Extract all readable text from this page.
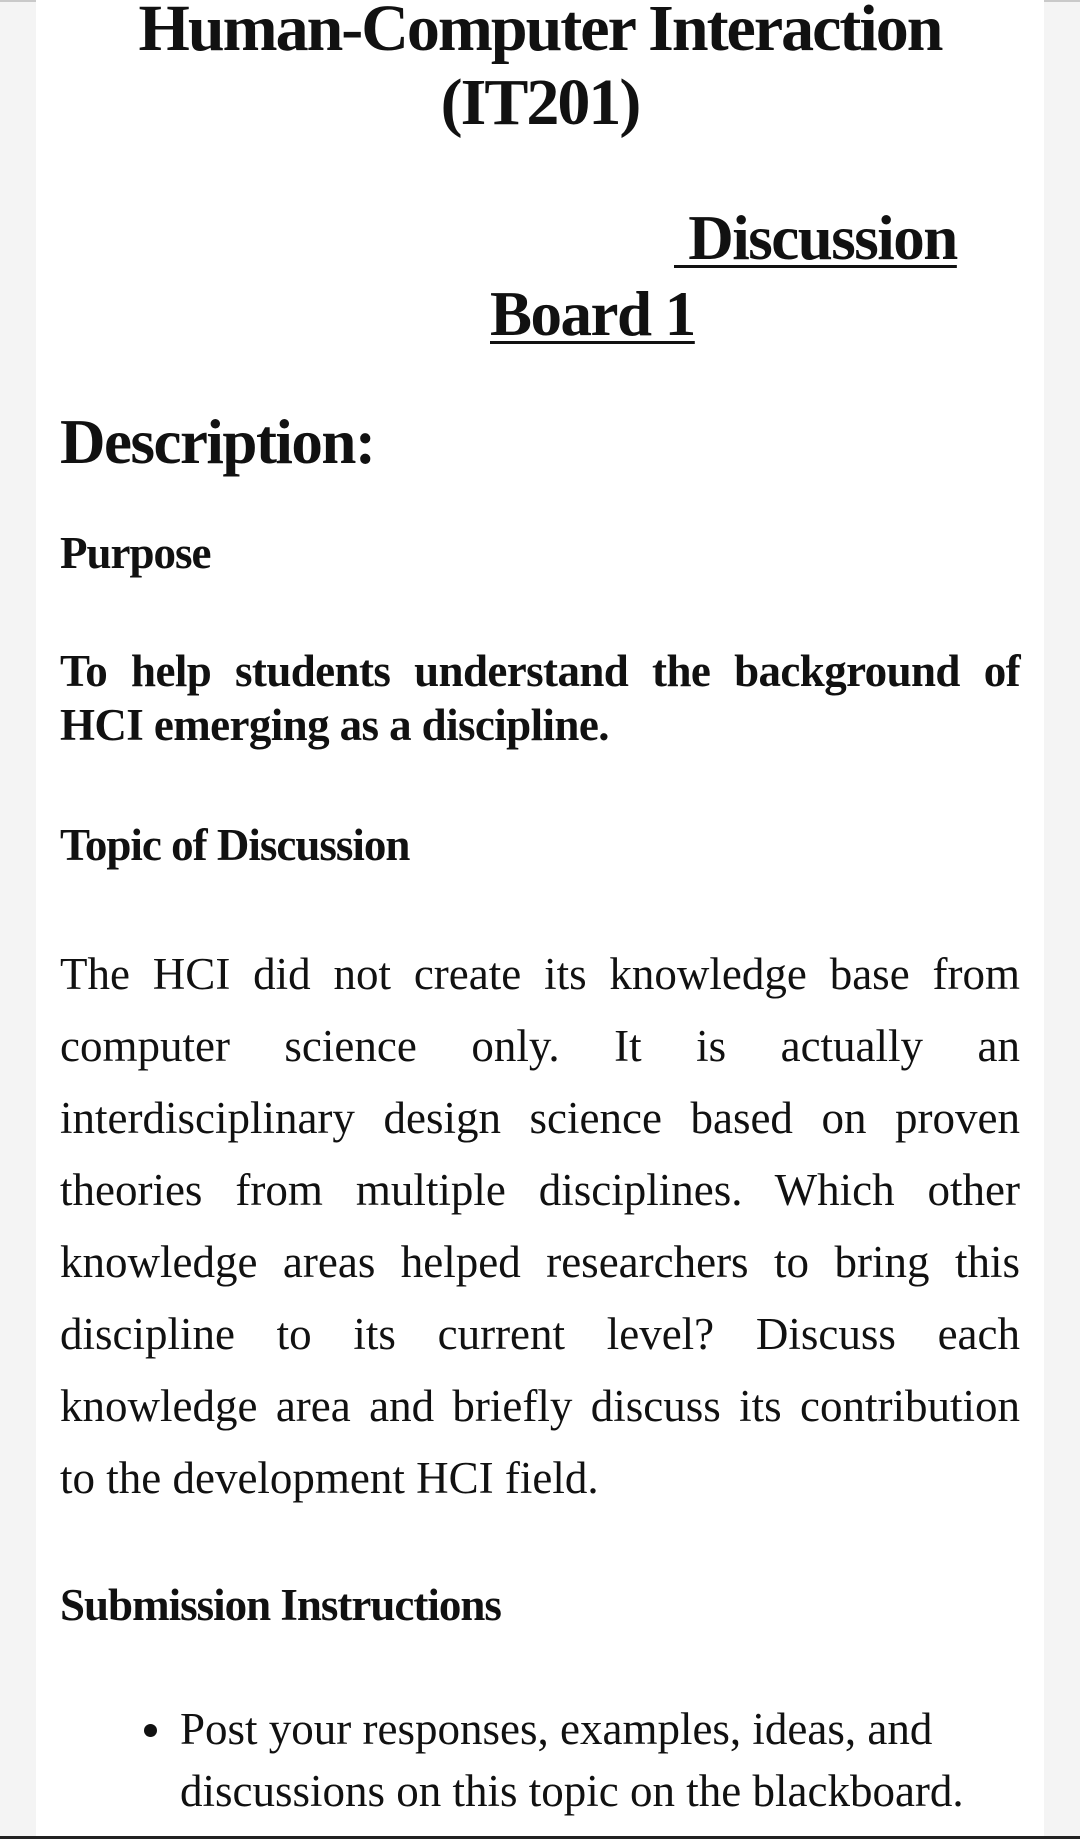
Human-Computer Interaction
(IT201)
Discussion
Board 1
Description:
Purpose

To help students understand the background of HCI emerging as a discipline.

Topic of Discussion

The HCI did not create its knowledge base from computer science only. It is actually an interdisciplinary design science based on proven theories from multiple disciplines. Which other knowledge areas helped researchers to bring this discipline to its current level? Discuss each knowledge area and briefly discuss its contribution to the development HCI field.

Submission Instructions
Post your responses, examples, ideas, and discussions on this topic on the blackboard.
